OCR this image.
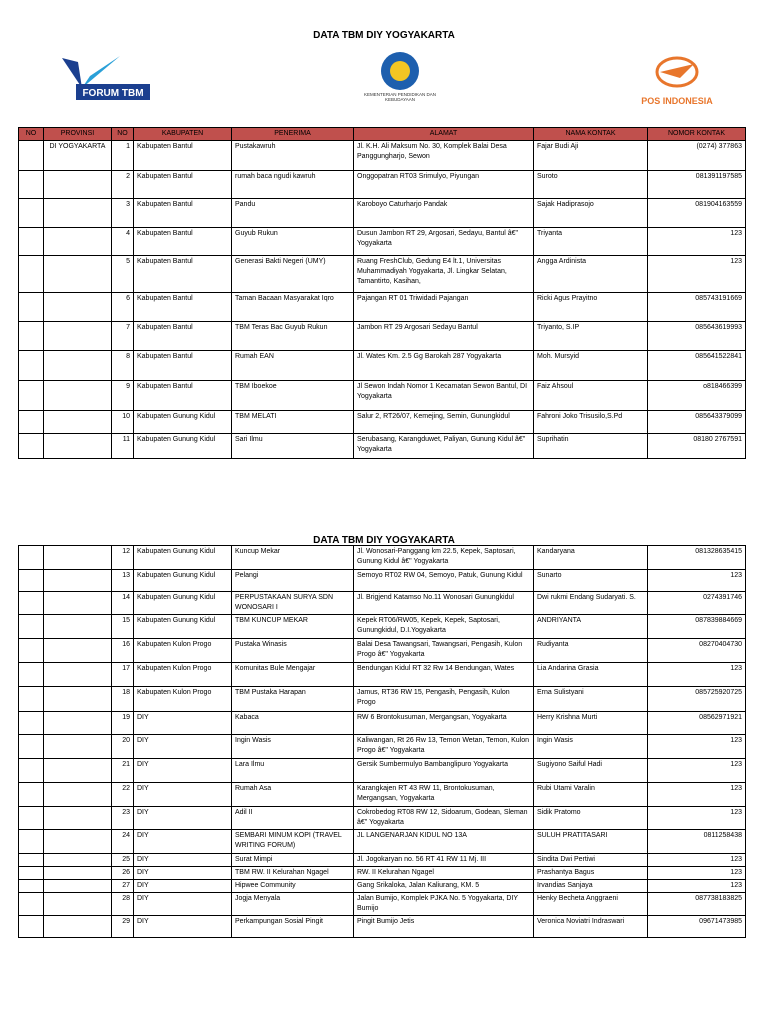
DATA TBM DIY YOGYAKARTA
FORUM TBM	KEMENTERIAN PENDIDIKAN DAN KEBUDAYAAN	POS INDONESIA
NO	PROVINSI	NO	KABUPATEN	PENERIMA	ALAMAT	NAMA KONTAK	NOMOR KONTAK
	DI YOGYAKARTA	1	Kabupaten Bantul	Pustakawruh	Jl. K.H. Ali Maksum No. 30, Komplek Balai Desa Panggungharjo, Sewon	Fajar Budi Aji	(0274) 377863
		2	Kabupaten Bantul	rumah baca ngudi kawruh	Onggopatran RT03 Srimulyo, Piyungan	Suroto	081391197585
		3	Kabupaten Bantul	Pandu	Karoboyo Caturharjo Pandak	Sajak Hadiprasojo	081904163559
		4	Kabupaten Bantul	Guyub Rukun	Dusun Jambon RT 29, Argosari, Sedayu, Bantul â€" Yogyakarta	Triyanta	123
		5	Kabupaten Bantul	Generasi Bakti Negeri (UMY)	Ruang FreshClub, Gedung E4 lt.1, Universitas Muhammadiyah Yogyakarta, Jl. Lingkar Selatan, Tamantirto, Kasihan,	Angga Ardinista	123
		6	Kabupaten Bantul	Taman Bacaan Masyarakat Iqro	Pajangan RT 01 Triwidadi Pajangan	Ricki Agus Prayitno	085743191669
		7	Kabupaten Bantul	TBM Teras Bac Guyub Rukun	Jambon RT 29 Argosari Sedayu Bantul	Triyanto, S.IP	085643619993
		8	Kabupaten Bantul	Rumah EAN	Jl. Wates Km. 2.5 Gg Barokah 287 Yogyakarta	Moh. Mursyid	085641522841
		9	Kabupaten Bantul	TBM Iboekoe	Jl Sewon Indah Nomor 1 Kecamatan Sewon Bantul, DI Yogyakarta	Faiz Ahsoul	o818466399
		10	Kabupaten Gunung Kidul	TBM MELATI	Salur 2, RT26/07, Kemejing, Semin, Gunungkidul	Fahroni Joko Trisusilo,S.Pd	085643379099
		11	Kabupaten Gunung Kidul	Sari Ilmu	Serubasang, Karangduwet, Paliyan, Gunung Kidul â€" Yogyakarta	Suprihatin	08180 2767591
DATA TBM DIY YOGYAKARTA
		12	Kabupaten Gunung Kidul	Kuncup Mekar	Jl. Wonosari-Panggang km 22.5, Kepek, Saptosari, Gunung Kidul â€" Yogyakarta	Kandaryana	081328635415
		13	Kabupaten Gunung Kidul	Pelangi	Semoyo RT02 RW 04, Semoyo, Patuk, Gunung Kidul	Sunarto	123
		14	Kabupaten Gunung Kidul	PERPUSTAKAAN SURYA SDN WONOSARI I	Jl. Brigjend Katamso No.11 Wonosari Gunungkidul	Dwi rukmi Endang Sudaryati. S.	0274391746
		15	Kabupaten Gunung Kidul	TBM KUNCUP MEKAR	Kepek RT06/RW05, Kepek, Kepek, Saptosari, Gunungkidul, D.I.Yogyakarta	ANDRIYANTA	087839884669
		16	Kabupaten Kulon Progo	Pustaka Winasis	Balai Desa Tawangsari, Tawangsari, Pengasih, Kulon Progo â€" Yogyakarta	Rudiyanta	08270404730
		17	Kabupaten Kulon Progo	Komunitas Bule Mengajar	Bendungan Kidul RT 32 Rw 14 Bendungan, Wates	Lia Andarina Grasia	123
		18	Kabupaten Kulon Progo	TBM Pustaka Harapan	Jamus, RT36 RW 15, Pengasih, Pengasih, Kulon Progo	Erna Sulistyani	085725920725
		19	DIY	Kabaca	RW 6 Brontokusuman, Mergangsan, Yogyakarta	Herry Krishna Murti	08562971921
		20	DIY	Ingin Wasis	Kaliwangan, Rt 26 Rw 13, Temon Wetan, Temon, Kulon Progo â€" Yogyakarta	Ingin Wasis	123
		21	DIY	Lara Ilmu	Gersik Sumbermulyo Bambanglipuro Yogyakarta	Sugiyono Saiful Hadi	123
		22	DIY	Rumah Asa	Karangkajen RT 43 RW 11, Brontokusuman, Mergangsan, Yogyakarta	Rubi Utami Varalin	123
		23	DIY	Adil II	Cokrobedog RT08 RW 12, Sidoarum, Godean, Sleman â€" Yogyakarta	Sidik Pratomo	123
		24	DIY	SEMBARI MINUM KOPI (TRAVEL WRITING FORUM)	JL LANGENARJAN KIDUL NO 13A	SULUH PRATITASARI	0811258438
		25	DIY	Surat Mimpi	Jl. Jogokaryan no. 56 RT 41 RW 11 Mj. III	Sindita Dwi Pertiwi	123
		26	DIY	TBM RW. II Kelurahan Ngagel	RW. II Kelurahan Ngagel	Prashantya Bagus	123
		27	DIY	Hipwee Community	Gang Srikaloka, Jalan Kaliurang, KM. 5	Irvandias Sanjaya	123
		28	DIY	Jogja Menyala	Jalan Bumijo, Komplek PJKA No. 5 Yogyakarta, DIY Bumijo	Henky Becheta Anggraeni	087738183825
		29	DIY	Perkampungan Sosial Pingit	Pingit Bumijo Jetis	Veronica Noviatri Indraswari	09671473985
